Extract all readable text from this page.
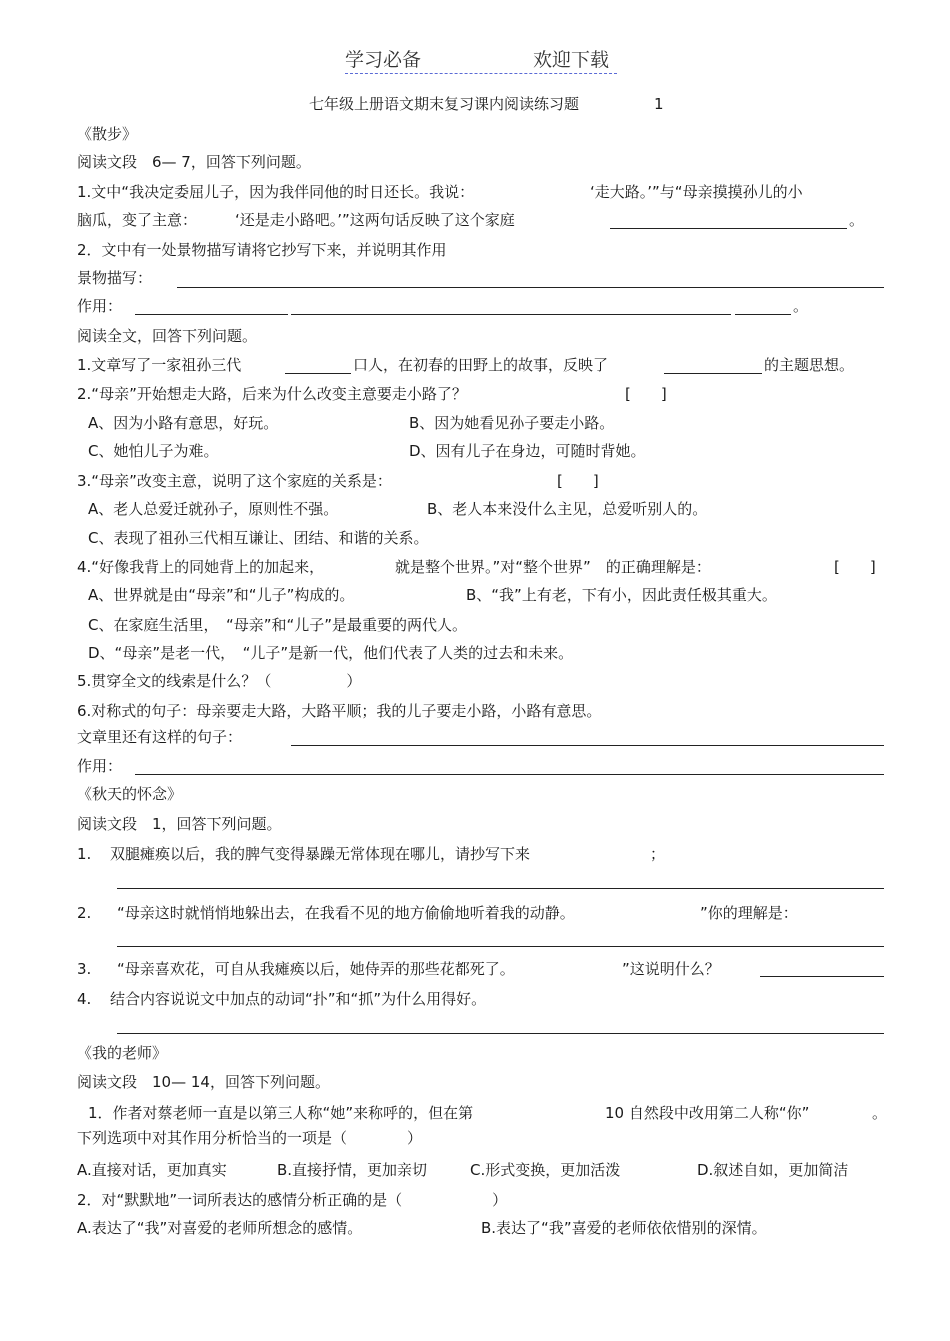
学习必备	欢迎下载
七年级上册语文期末复习课内阅读练习题	1
《散步》
阅读文段　6— 7，回答下列问题。
1.文中“我决定委屈儿子，因为我伴同他的时日还长。我说：	‘走大路。’”与“母亲摸摸孙儿的小
脑瓜，变了主意：	‘还是走小路吧。’”这两句话反映了这个家庭	。
2．文中有一处景物描写请将它抄写下来，并说明其作用
景物描写：
作用：	。
阅读全文，回答下列问题。
1.文章写了一家祖孙三代	口人，在初春的田野上的故事，反映了	的主题思想。
2.“母亲”开始想走大路，后来为什么改变主意要走小路了？	[　　]
A、因为小路有意思，好玩。	B、因为她看见孙子要走小路。
C、她怕儿子为难。	D、因有儿子在身边，可随时背她。
3.“母亲”改变主意，说明了这个家庭的关系是：	[　　]
A、老人总爱迁就孙子，原则性不强。	B、老人本来没什么主见，总爱听别人的。
C、表现了祖孙三代相互谦让、团结、和谐的关系。
4.“好像我背上的同她背上的加起来，	就是整个世界。”对“整个世界”　的正确理解是：	[　　]
A、世界就是由“母亲”和“儿子”构成的。	B、“我”上有老，下有小，因此责任极其重大。
C、在家庭生活里，　“母亲”和“儿子”是最重要的两代人。
D、“母亲”是老一代，　“儿子”是新一代，他们代表了人类的过去和未来。
5.贯穿全文的线索是什么？（　　　　　）
6.对称式的句子：母亲要走大路，大路平顺；我的儿子要走小路，小路有意思。
文章里还有这样的句子：
作用：
《秋天的怀念》
阅读文段　1，回答下列问题。
1. 双腿瘫痪以后，我的脾气变得暴躁无常体现在哪儿，请抄写下来	；
2. “母亲这时就悄悄地躲出去，在我看不见的地方偷偷地听着我的动静。	”你的理解是：
3. “母亲喜欢花，可自从我瘫痪以后，她侍弄的那些花都死了。	”这说明什么？
4. 结合内容说说文中加点的动词“扑”和“抓”为什么用得好。
《我的老师》
阅读文段　10— 14，回答下列问题。
1．作者对蔡老师一直是以第三人称“她”来称呼的，但在第	10 自然段中改用第二人称“你”	。
下列选项中对其作用分析恰当的一项是（　　　　）
A.直接对话，更加真实	B.直接抒情，更加亲切	C.形式变换，更加活泼	D.叙述自如，更加简洁
2．对“默默地”一词所表达的感情分析正确的是（　　　　　　）
A.表达了“我”对喜爱的老师所想念的感情。	B.表达了“我”喜爱的老师依依惜别的深情。
